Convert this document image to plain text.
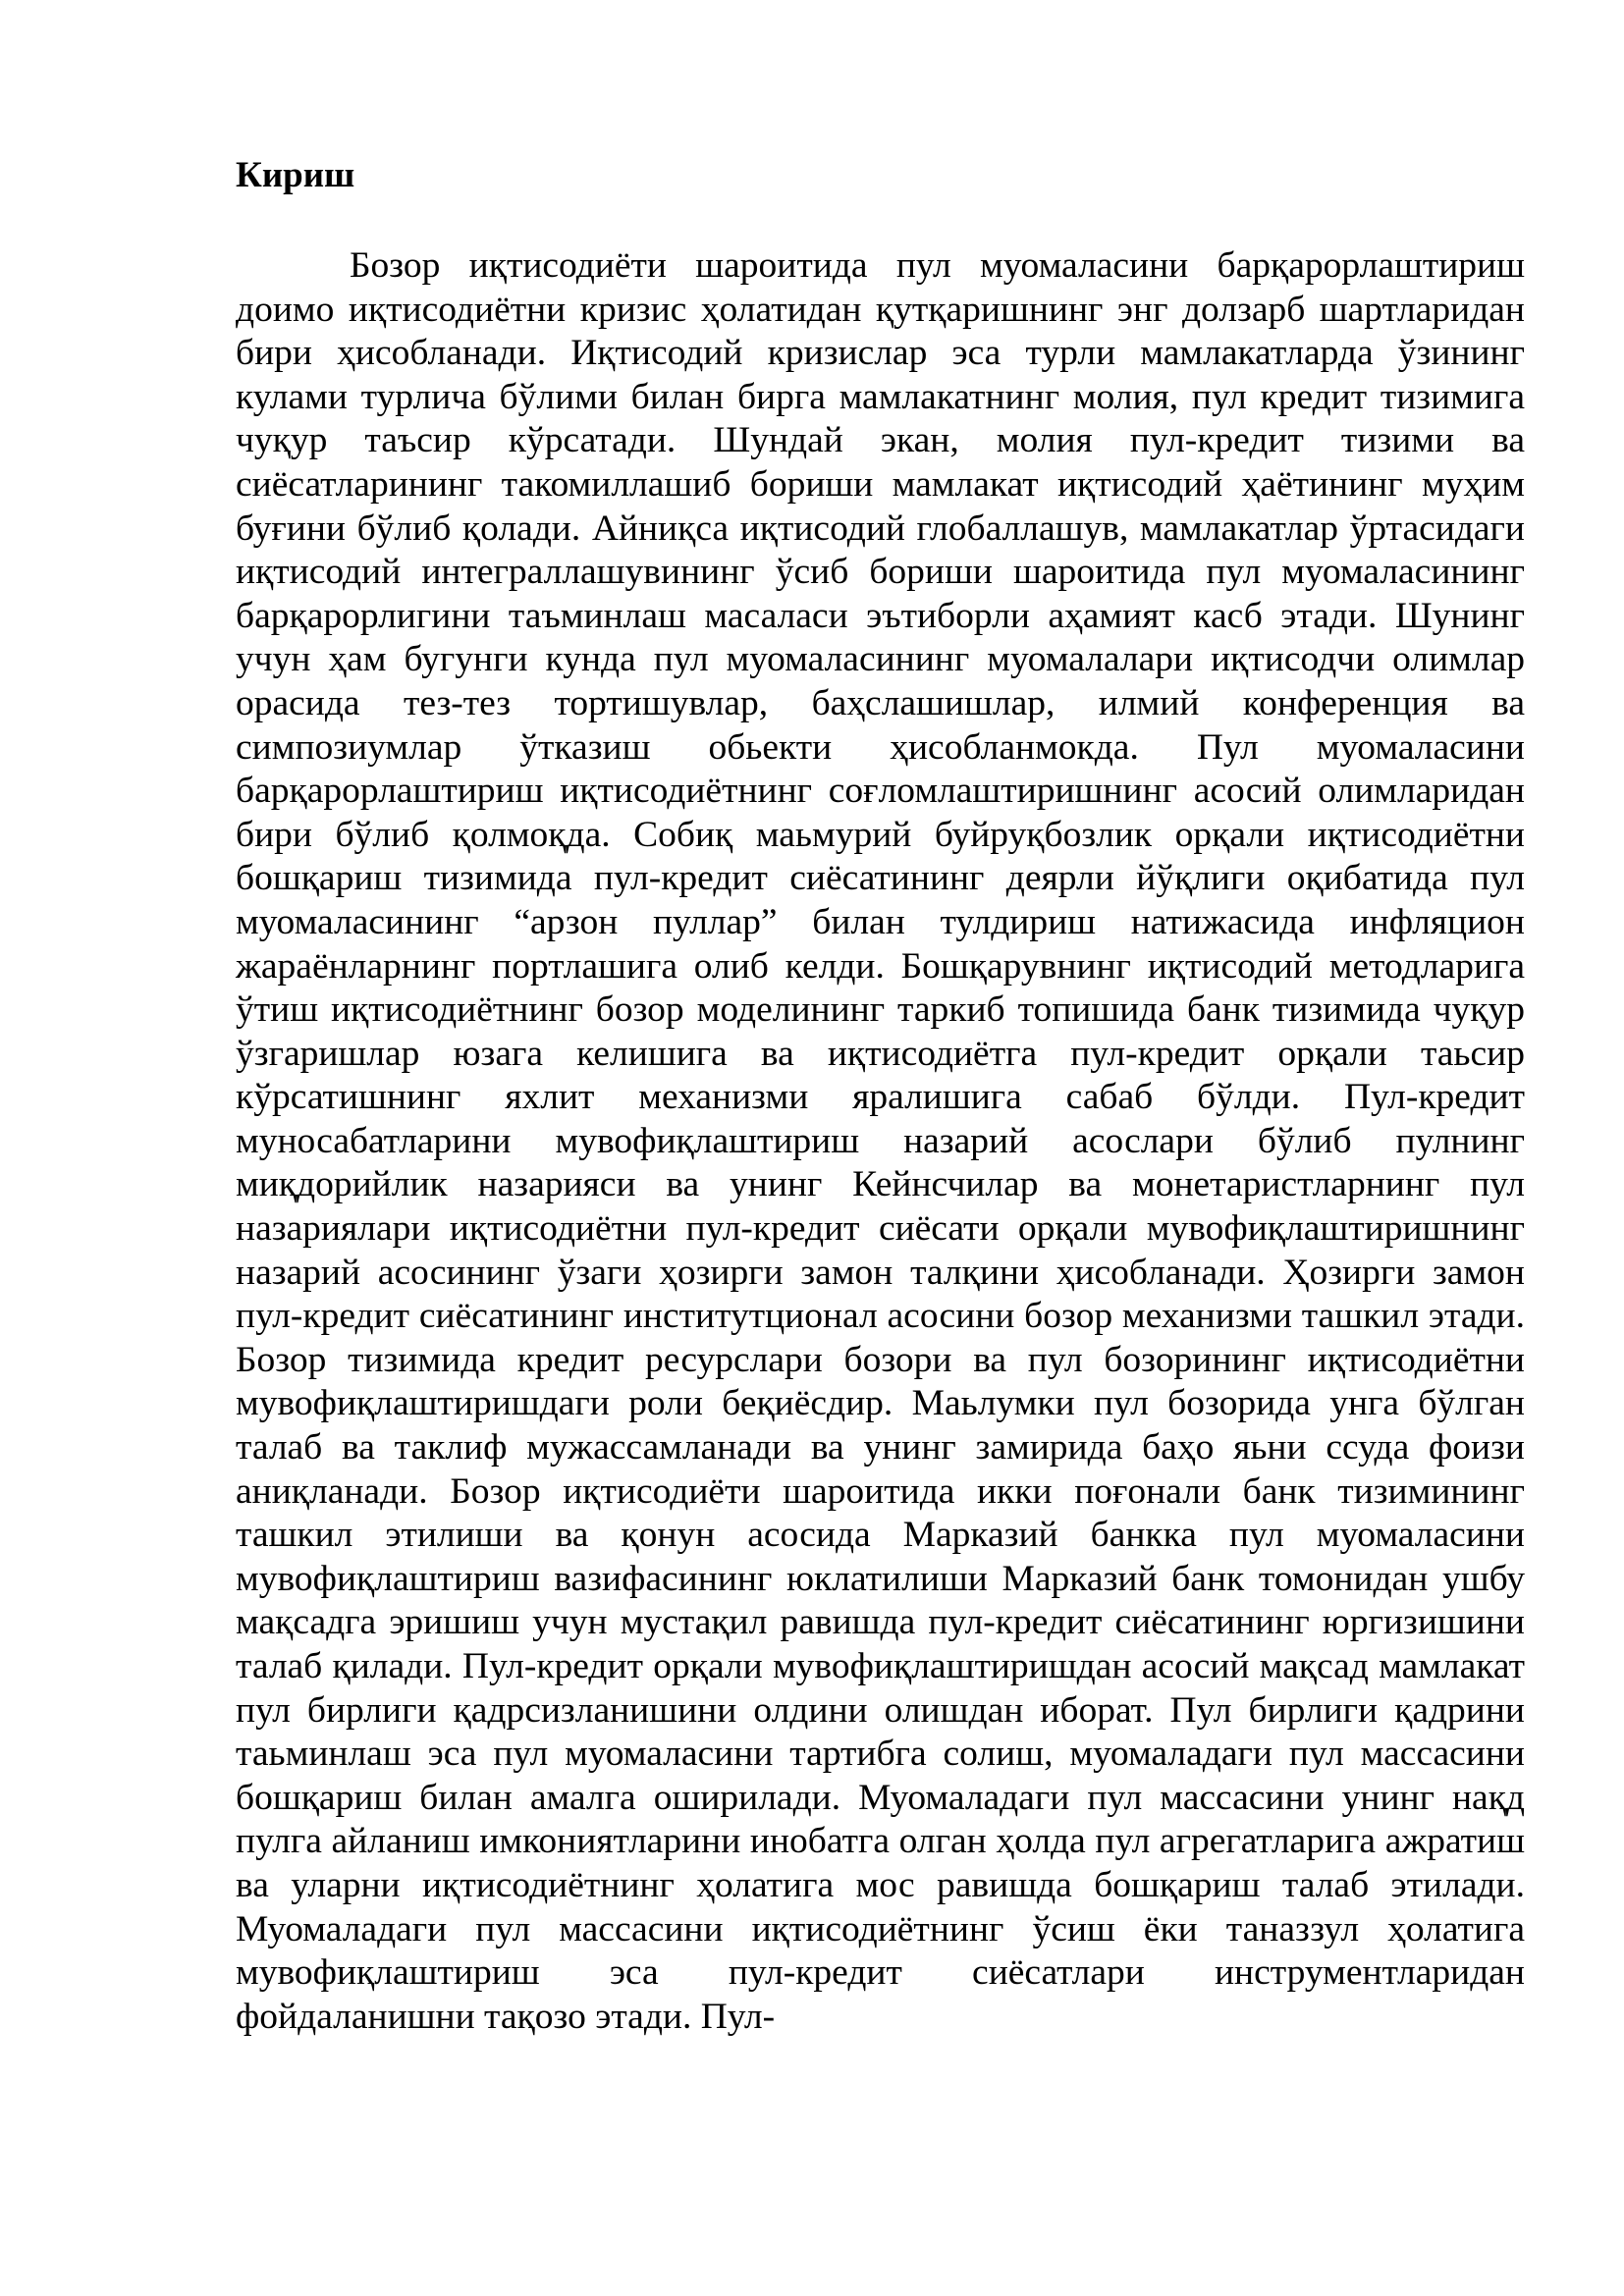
Кириш

Бозор иқтисодиёти шароитида пул муомаласини барқарорлаштириш доимо иқтисодиётни кризис ҳолатидан қутқаришнинг энг долзарб шартларидан бири ҳисобланади. Иқтисодий кризислар эса турли мамлакатларда ўзининг кулами турлича бўлими билан бирга мамлакатнинг молия, пул кредит тизимига чуқур таъсир кўрсатади. Шундай экан, молия пул-кредит тизими ва сиёсатларининг такомиллашиб бориши мамлакат иқтисодий ҳаётининг муҳим буғини бўлиб қолади. Айниқса иқтисодий глобаллашув, мамлакатлар ўртасидаги иқтисодий интеграллашувининг ўсиб бориши шароитида пул муомаласининг барқарорлигини таъминлаш масаласи эътиборли аҳамият касб этади. Шунинг учун ҳам бугунги кунда пул муомаласининг муомалалари иқтисодчи олимлар орасида тез-тез тортишувлар, баҳслашишлар, илмий конференция ва симпозиумлар ўтказиш обьекти ҳисобланмокда. Пул муомаласини барқарорлаштириш иқтисодиётнинг соғломлаштиришнинг асосий олимларидан бири бўлиб қолмоқда. Собиқ маьмурий буйруқбозлик орқали иқтисодиётни бошқариш тизимида пул-кредит сиёсатининг деярли йўқлиги оқибатида пул муомаласининг “арзон пуллар” билан тулдириш натижасида инфляцион жараёнларнинг портлашига олиб келди. Бошқарувнинг иқтисодий методларига ўтиш иқтисодиётнинг бозор моделининг таркиб топишида банк тизимида чуқур ўзгаришлар юзага келишига ва иқтисодиётга пул-кредит орқали таьсир кўрсатишнинг яхлит механизми яралишига сабаб бўлди. Пул-кредит муносабатларини мувофиқлаштириш назарий асослари бўлиб пулнинг миқдорийлик назарияси ва унинг Кейнсчилар ва монетаристларнинг пул назариялари иқтисодиётни пул-кредит сиёсати орқали мувофиқлаштиришнинг назарий асосининг ўзаги ҳозирги замон талқини ҳисобланади. Ҳозирги замон пул-кредит сиёсатининг институтционал асосини бозор механизми ташкил этади. Бозор тизимида кредит ресурслари бозори ва пул бозорининг иқтисодиётни мувофиқлаштиришдаги роли беқиёсдир. Маьлумки пул бозорида унга бўлган талаб ва таклиф мужассамланади ва унинг замирида баҳо яьни ссуда фоизи аниқланади. Бозор иқтисодиёти шароитида икки поғонали банк тизимининг ташкил этилиши ва қонун асосида Марказий банкка пул муомаласини мувофиқлаштириш вазифасининг юклатилиши Марказий банк томонидан ушбу мақсадга эришиш учун мустақил равишда пул-кредит сиёсатининг юргизишини талаб қилади. Пул-кредит орқали мувофиқлаштиришдан асосий мақсад мамлакат пул бирлиги қадрсизланишини олдини олишдан иборат. Пул бирлиги қадрини таьминлаш эса пул муомаласини тартибга солиш, муомаладаги пул массасини бошқариш билан амалга оширилади. Муомаладаги пул массасини унинг нақд пулга айланиш имкониятларини инобатга олган ҳолда пул агрегатларига ажратиш ва уларни иқтисодиётнинг ҳолатига мос равишда бошқариш талаб этилади. Муомаладаги пул массасини иқтисодиётнинг ўсиш ёки таназзул ҳолатига мувофиқлаштириш эса пул-кредит сиёсатлари инструментларидан фойдаланишни тақозо этади. Пул-
